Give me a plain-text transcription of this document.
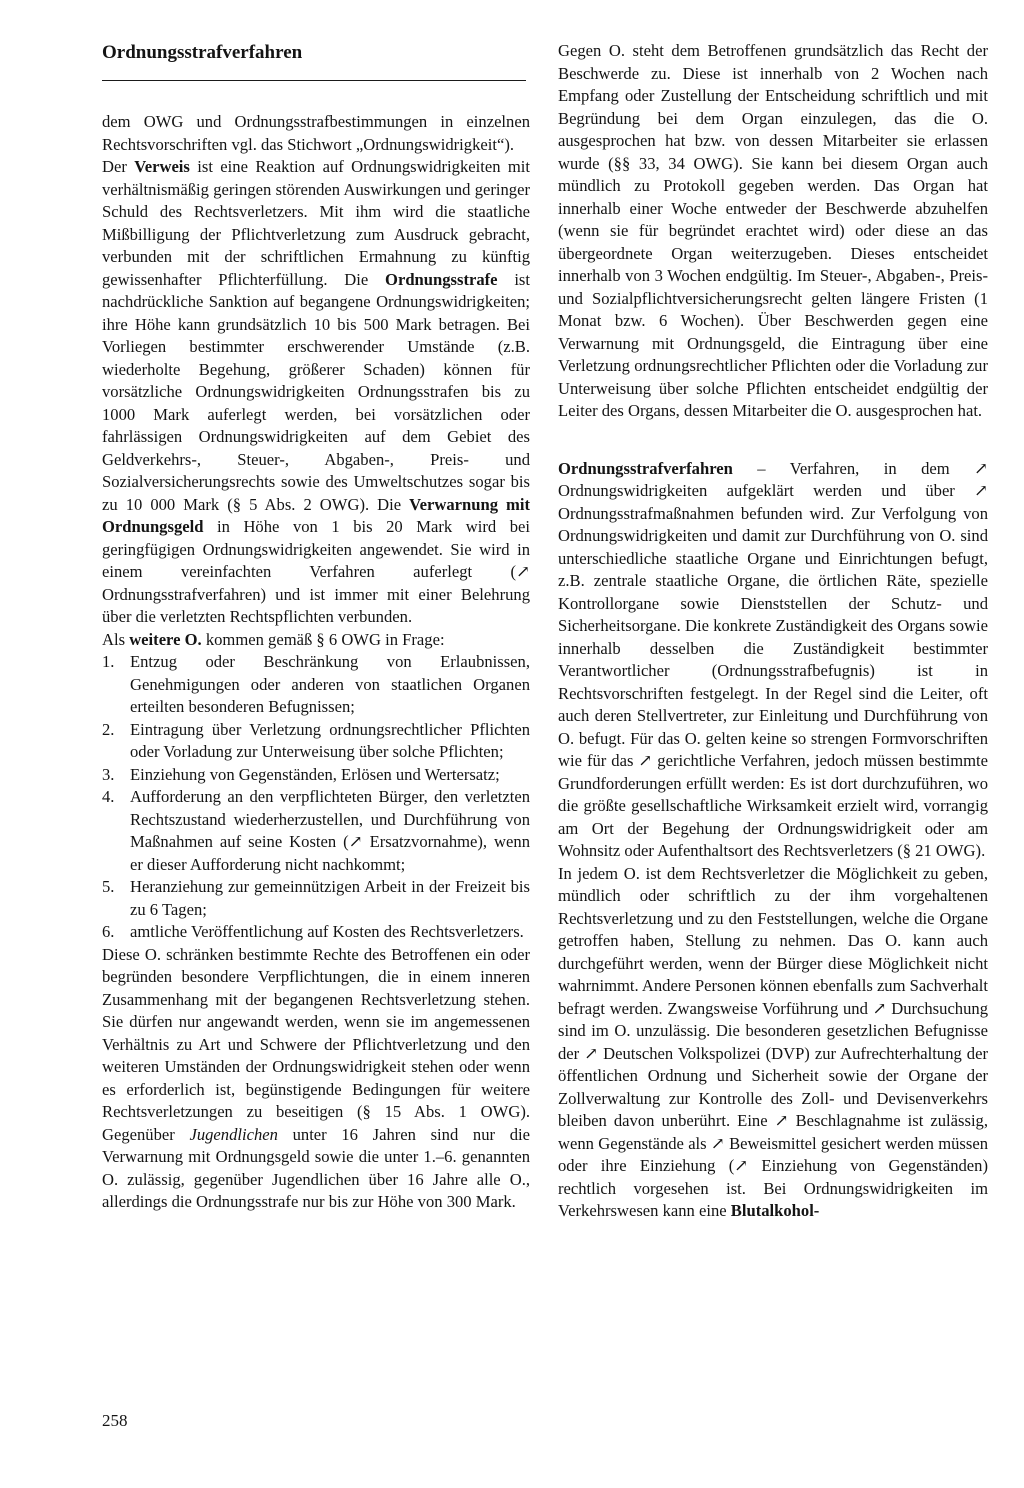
Ordnungsstrafverfahren

dem OWG und Ordnungsstrafbestimmungen in einzelnen Rechtsvorschriften vgl. das Stichwort „Ordnungswidrigkeit“).

Der Verweis ist eine Reaktion auf Ordnungswidrigkeiten mit verhältnismäßig geringen störenden Auswirkungen und geringer Schuld des Rechtsverletzers. Mit ihm wird die staatliche Mißbilligung der Pflichtverletzung zum Ausdruck gebracht, verbunden mit der schriftlichen Ermahnung zu künftig gewissenhafter Pflichterfüllung. Die Ordnungsstrafe ist nachdrückliche Sanktion auf begangene Ordnungswidrigkeiten; ihre Höhe kann grundsätzlich 10 bis 500 Mark betragen. Bei Vorliegen bestimmter erschwerender Umstände (z.B. wiederholte Begehung, größerer Schaden) können für vorsätzliche Ordnungswidrigkeiten Ordnungsstrafen bis zu 1000 Mark auferlegt werden, bei vorsätzlichen oder fahrlässigen Ordnungswidrigkeiten auf dem Gebiet des Geldverkehrs-, Steuer-, Abgaben-, Preis- und Sozialversicherungsrechts sowie des Umweltschutzes sogar bis zu 10 000 Mark (§ 5 Abs. 2 OWG). Die Verwarnung mit Ordnungsgeld in Höhe von 1 bis 20 Mark wird bei geringfügigen Ordnungswidrigkeiten angewendet. Sie wird in einem vereinfachten Verfahren auferlegt (↗ Ordnungsstrafverfahren) und ist immer mit einer Belehrung über die verletzten Rechtspflichten verbunden.

Als weitere O. kommen gemäß § 6 OWG in Frage:

1. Entzug oder Beschränkung von Erlaubnissen, Genehmigungen oder anderen von staatlichen Organen erteilten besonderen Befugnissen;
2. Eintragung über Verletzung ordnungsrechtlicher Pflichten oder Vorladung zur Unterweisung über solche Pflichten;
3. Einziehung von Gegenständen, Erlösen und Wertersatz;
4. Aufforderung an den verpflichteten Bürger, den verletzten Rechtszustand wiederherzustellen, und Durchführung von Maßnahmen auf seine Kosten (↗ Ersatzvornahme), wenn er dieser Aufforderung nicht nachkommt;
5. Heranziehung zur gemeinnützigen Arbeit in der Freizeit bis zu 6 Tagen;
6. amtliche Veröffentlichung auf Kosten des Rechtsverletzers.

Diese O. schränken bestimmte Rechte des Betroffenen ein oder begründen besondere Verpflichtungen, die in einem inneren Zusammenhang mit der begangenen Rechtsverletzung stehen. Sie dürfen nur angewandt werden, wenn sie im angemessenen Verhältnis zu Art und Schwere der Pflichtverletzung und den weiteren Umständen der Ordnungswidrigkeit stehen oder wenn es erforderlich ist, begünstigende Bedingungen für weitere Rechtsverletzungen zu beseitigen (§ 15 Abs. 1 OWG). Gegenüber Jugendlichen unter 16 Jahren sind nur die Verwarnung mit Ordnungsgeld sowie die unter 1.–6. genannten O. zulässig, gegenüber Jugendlichen über 16 Jahre alle O., allerdings die Ordnungsstrafe nur bis zur Höhe von 300 Mark.

Gegen O. steht dem Betroffenen grundsätzlich das Recht der Beschwerde zu. Diese ist innerhalb von 2 Wochen nach Empfang oder Zustellung der Entscheidung schriftlich und mit Begründung bei dem Organ einzulegen, das die O. ausgesprochen hat bzw. von dessen Mitarbeiter sie erlassen wurde (§§ 33, 34 OWG). Sie kann bei diesem Organ auch mündlich zu Protokoll gegeben werden. Das Organ hat innerhalb einer Woche entweder der Beschwerde abzuhelfen (wenn sie für begründet erachtet wird) oder diese an das übergeordnete Organ weiterzugeben. Dieses entscheidet innerhalb von 3 Wochen endgültig. Im Steuer-, Abgaben-, Preis- und Sozialpflichtversicherungsrecht gelten längere Fristen (1 Monat bzw. 6 Wochen). Über Beschwerden gegen eine Verwarnung mit Ordnungsgeld, die Eintragung über eine Verletzung ordnungsrechtlicher Pflichten oder die Vorladung zur Unterweisung über solche Pflichten entscheidet endgültig der Leiter des Organs, dessen Mitarbeiter die O. ausgesprochen hat.

Ordnungsstrafverfahren – Verfahren, in dem ↗ Ordnungswidrigkeiten aufgeklärt werden und über ↗ Ordnungsstrafmaßnahmen befunden wird. Zur Verfolgung von Ordnungswidrigkeiten und damit zur Durchführung von O. sind unterschiedliche staatliche Organe und Einrichtungen befugt, z.B. zentrale staatliche Organe, die örtlichen Räte, spezielle Kontrollorgane sowie Dienststellen der Schutz- und Sicherheitsorgane. Die konkrete Zuständigkeit des Organs sowie innerhalb desselben die Zuständigkeit bestimmter Verantwortlicher (Ordnungsstrafbefugnis) ist in Rechtsvorschriften festgelegt. In der Regel sind die Leiter, oft auch deren Stellvertreter, zur Einleitung und Durchführung von O. befugt. Für das O. gelten keine so strengen Formvorschriften wie für das ↗ gerichtliche Verfahren, jedoch müssen bestimmte Grundforderungen erfüllt werden: Es ist dort durchzuführen, wo die größte gesellschaftliche Wirksamkeit erzielt wird, vorrangig am Ort der Begehung der Ordnungswidrigkeit oder am Wohnsitz oder Aufenthaltsort des Rechtsverletzers (§ 21 OWG).

In jedem O. ist dem Rechtsverletzer die Möglichkeit zu geben, mündlich oder schriftlich zu der ihm vorgehaltenen Rechtsverletzung und zu den Feststellungen, welche die Organe getroffen haben, Stellung zu nehmen. Das O. kann auch durchgeführt werden, wenn der Bürger diese Möglichkeit nicht wahrnimmt. Andere Personen können ebenfalls zum Sachverhalt befragt werden. Zwangsweise Vorführung und ↗ Durchsuchung sind im O. unzulässig. Die besonderen gesetzlichen Befugnisse der ↗ Deutschen Volkspolizei (DVP) zur Aufrechterhaltung der öffentlichen Ordnung und Sicherheit sowie der Organe der Zollverwaltung zur Kontrolle des Zoll- und Devisenverkehrs bleiben davon unberührt. Eine ↗ Beschlagnahme ist zulässig, wenn Gegenstände als ↗ Beweismittel gesichert werden müssen oder ihre Einziehung (↗ Einziehung von Gegenständen) rechtlich vorgesehen ist. Bei Ordnungswidrigkeiten im Verkehrswesen kann eine Blutalkohol-

258
